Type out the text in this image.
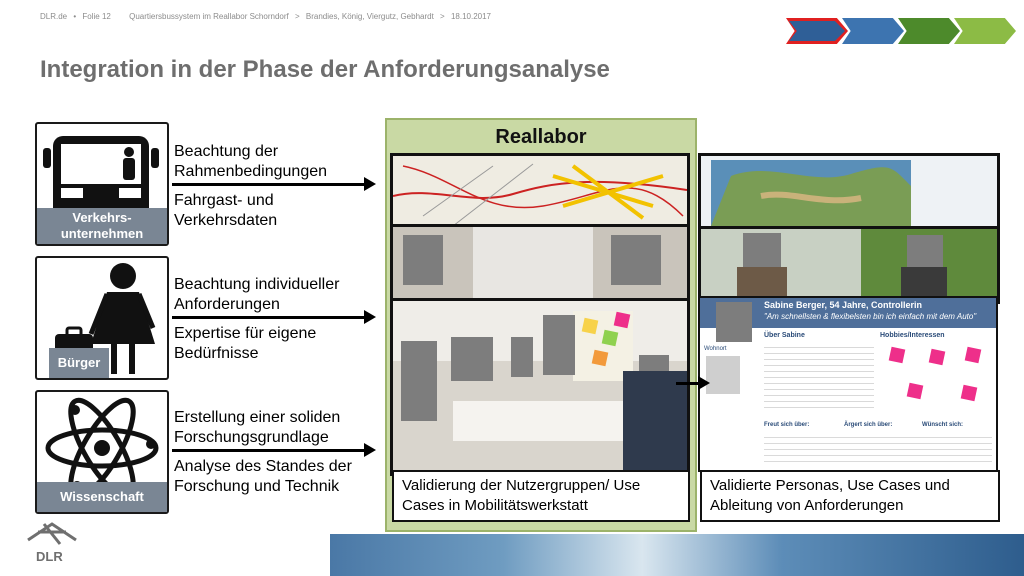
DLR.de • Folie 12 Quartiersbussystem im Reallabor Schorndorf > Brandies, König, Viergutz, Gebhardt > 18.10.2017
Integration in der Phase der Anforderungsanalyse
Verkehrs-unternehmen
Beachtung der Rahmenbedingungen
Fahrgast- und Verkehrsdaten
Bürger
Beachtung individueller Anforderungen
Expertise für eigene Bedürfnisse
Wissenschaft
Erstellung einer soliden Forschungsgrundlage
Analyse des Standes der Forschung und Technik
Reallabor
Validierung der Nutzergruppen/ Use Cases in Mobilitätswerkstatt
Sabine Berger, 54 Jahre, Controllerin
"Am schnellsten & flexibelsten bin ich einfach mit dem Auto"
Über Sabine	Hobbies/Interessen
Wohnort
Freut sich über:	Ärgert sich über:	Wünscht sich:
Validierte Personas, Use Cases und Ableitung von Anforderungen
DLR
